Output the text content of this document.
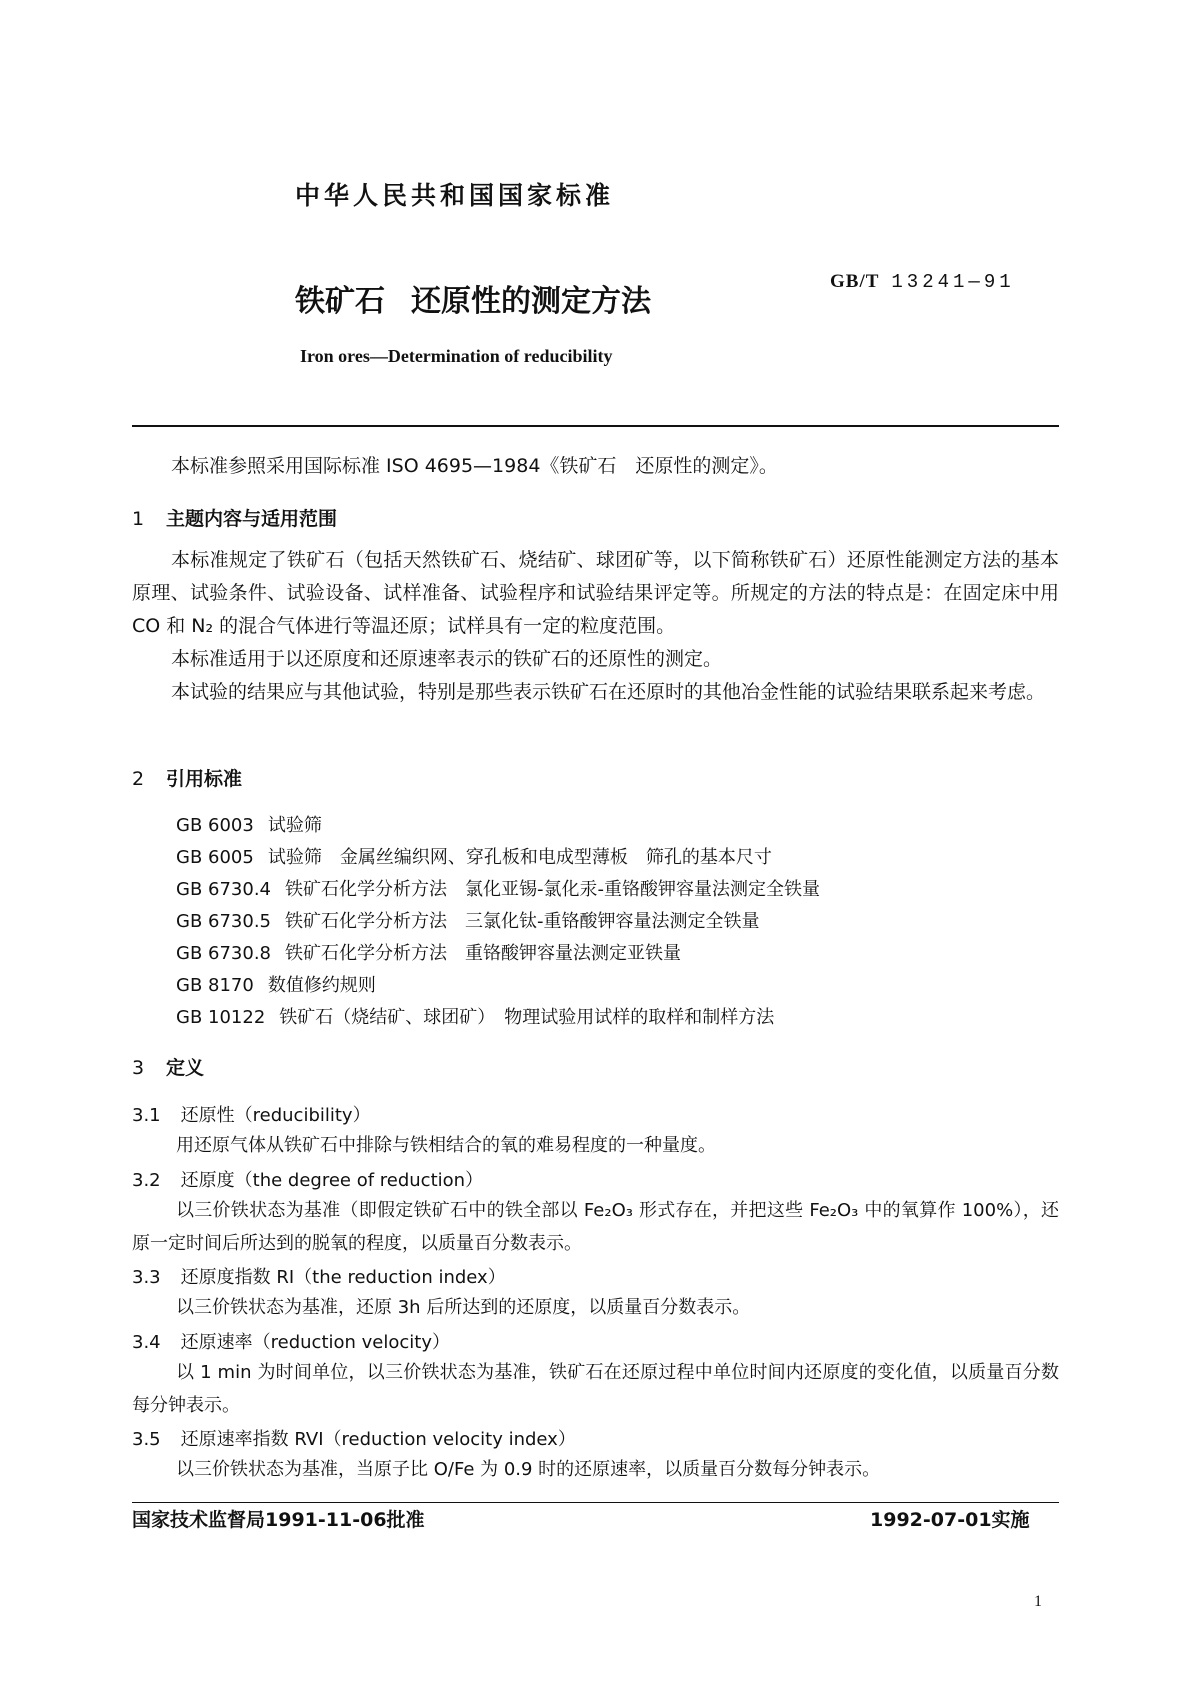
中华人民共和国国家标准
GB/T 13241—91
铁矿石 还原性的测定方法
Iron ores—Determination of reducibility
本标准参照采用国际标准 ISO 4695—1984《铁矿石　还原性的测定》。
1 主题内容与适用范围
本标准规定了铁矿石（包括天然铁矿石、烧结矿、球团矿等，以下简称铁矿石）还原性能测定方法的基本原理、试验条件、试验设备、试样准备、试验程序和试验结果评定等。所规定的方法的特点是：在固定床中用 CO 和 N₂ 的混合气体进行等温还原；试样具有一定的粒度范围。
本标准适用于以还原度和还原速率表示的铁矿石的还原性的测定。
本试验的结果应与其他试验，特别是那些表示铁矿石在还原时的其他冶金性能的试验结果联系起来考虑。
2 引用标准
GB 6003 试验筛
GB 6005 试验筛　金属丝编织网、穿孔板和电成型薄板　筛孔的基本尺寸
GB 6730.4 铁矿石化学分析方法　氯化亚锡-氯化汞-重铬酸钾容量法测定全铁量
GB 6730.5 铁矿石化学分析方法　三氯化钛-重铬酸钾容量法测定全铁量
GB 6730.8 铁矿石化学分析方法　重铬酸钾容量法测定亚铁量
GB 8170 数值修约规则
GB 10122 铁矿石（烧结矿、球团矿）　物理试验用试样的取样和制样方法
3 定义
3.1 还原性（reducibility）
用还原气体从铁矿石中排除与铁相结合的氧的难易程度的一种量度。
3.2 还原度（the degree of reduction）
以三价铁状态为基准（即假定铁矿石中的铁全部以 Fe₂O₃ 形式存在，并把这些 Fe₂O₃ 中的氧算作 100%），还原一定时间后所达到的脱氧的程度，以质量百分数表示。
3.3 还原度指数 RI（the reduction index）
以三价铁状态为基准，还原 3h 后所达到的还原度，以质量百分数表示。
3.4 还原速率（reduction velocity）
以 1 min 为时间单位，以三价铁状态为基准，铁矿石在还原过程中单位时间内还原度的变化值，以质量百分数每分钟表示。
3.5 还原速率指数 RVI（reduction velocity index）
以三价铁状态为基准，当原子比 O/Fe 为 0.9 时的还原速率，以质量百分数每分钟表示。
国家技术监督局1991-11-06批准	1992-07-01实施
1
